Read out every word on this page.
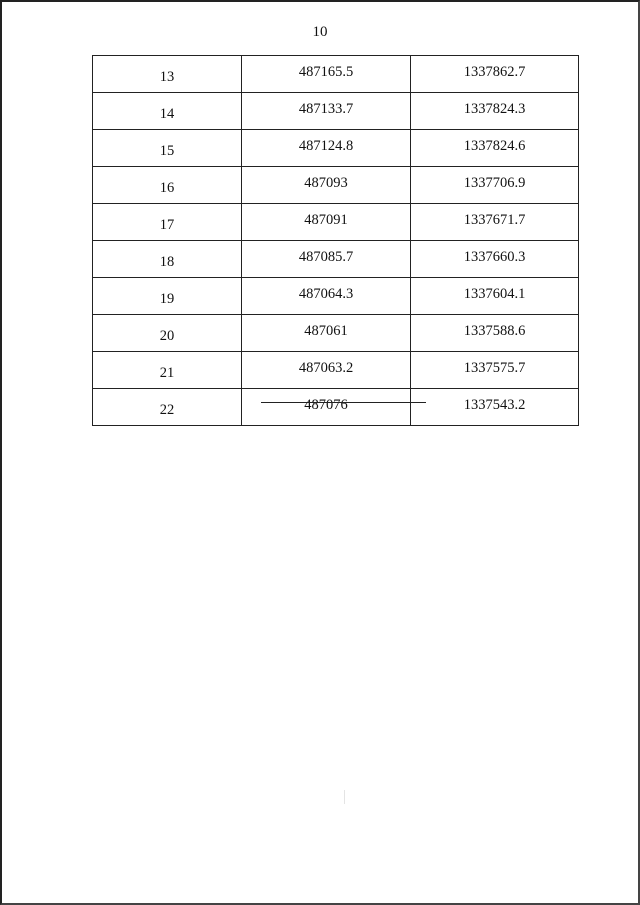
10
13	487165.5	1337862.7
14	487133.7	1337824.3
15	487124.8	1337824.6
16	487093	1337706.9
17	487091	1337671.7
18	487085.7	1337660.3
19	487064.3	1337604.1
20	487061	1337588.6
21	487063.2	1337575.7
22	487076	1337543.2
